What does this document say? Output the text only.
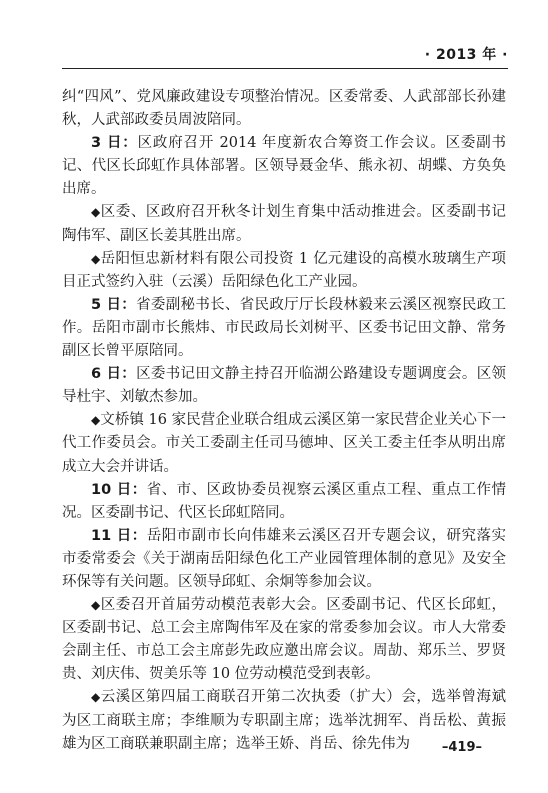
· 2013 年 ·

纠“四风”、党风廉政建设专项整治情况。区委常委、人武部部长孙建秋，人武部政委员周波陪同。

3 日：区政府召开 2014 年度新农合筹资工作会议。区委副书记、代区长邱虹作具体部署。区领导聂金华、熊永初、胡蝶、方奂奂出席。

◆区委、区政府召开秋冬计划生育集中活动推进会。区委副书记陶伟军、副区长姜其胜出席。

◆岳阳恒忠新材料有限公司投资 1 亿元建设的高模水玻璃生产项目正式签约入驻（云溪）岳阳绿色化工产业园。

5 日：省委副秘书长、省民政厅厅长段林毅来云溪区视察民政工作。岳阳市副市长熊炜、市民政局长刘树平、区委书记田文静、常务副区长曾平原陪同。

6 日：区委书记田文静主持召开临湖公路建设专题调度会。区领导杜宇、刘敏杰参加。

◆文桥镇 16 家民营企业联合组成云溪区第一家民营企业关心下一代工作委员会。市关工委副主任司马德坤、区关工委主任李从明出席成立大会并讲话。

10 日：省、市、区政协委员视察云溪区重点工程、重点工作情况。区委副书记、代区长邱虹陪同。

11 日：岳阳市副市长向伟雄来云溪区召开专题会议，研究落实市委常委会《关于湖南岳阳绿色化工产业园管理体制的意见》及安全环保等有关问题。区领导邱虹、余炯等参加会议。

◆区委召开首届劳动模范表彰大会。区委副书记、代区长邱虹，区委副书记、总工会主席陶伟军及在家的常委参加会议。市人大常委会副主任、市总工会主席彭先政应邀出席会议。周劼、郑乐兰、罗贤贵、刘庆伟、贺美乐等 10 位劳动模范受到表彰。

◆云溪区第四届工商联召开第二次执委（扩大）会，选举曾海斌为区工商联主席；李维顺为专职副主席；选举沈拥军、肖岳松、黄振雄为区工商联兼职副主席；选举王娇、肖岳、徐先伟为	–419–
